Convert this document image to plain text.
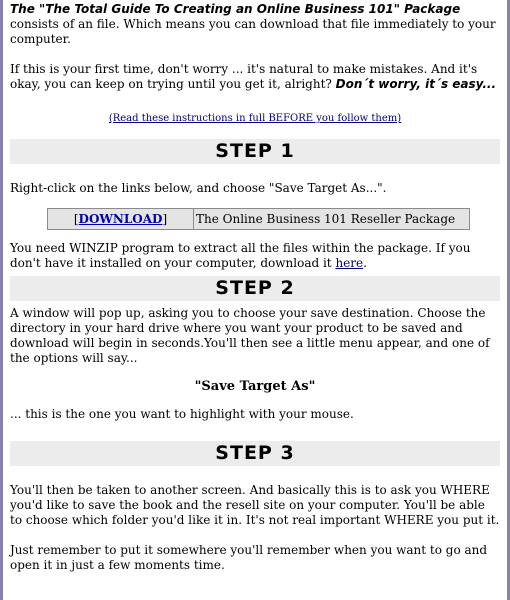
The "The Total Guide To Creating an Online Business 101" Package consists of an file. Which means you can download that file immediately to your computer.

If this is your first time, don't worry ... it's natural to make mistakes. And it's okay, you can keep on trying until you get it, alright? Don´t worry, it´s easy...

(Read these instructions in full BEFORE you follow them)

STEP 1

Right-click on the links below, and choose "Save Target As...".

[DOWNLOAD]	The Online Business 101 Reseller Package

You need WINZIP program to extract all the files within the package. If you don't have it installed on your computer, download it here.

STEP 2

A window will pop up, asking you to choose your save destination. Choose the directory in your hard drive where you want your product to be saved and download will begin in seconds.You'll then see a little menu appear, and one of the options will say...

"Save Target As"

... this is the one you want to highlight with your mouse.

STEP 3

You'll then be taken to another screen. And basically this is to ask you WHERE you'd like to save the book and the resell site on your computer. You'll be able to choose which folder you'd like it in. It's not real important WHERE you put it.

Just remember to put it somewhere you'll remember when you want to go and open it in just a few moments time.
